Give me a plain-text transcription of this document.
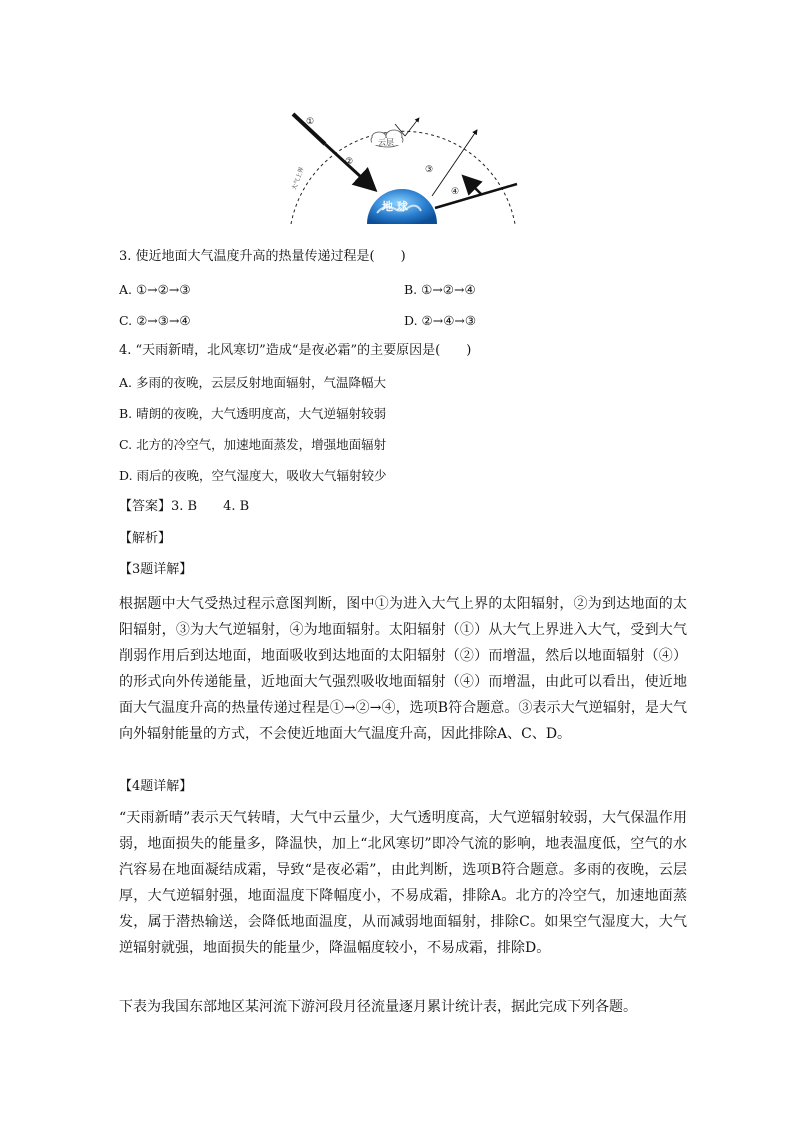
大气上界
地 球
云层
①
②
③
④
3. 使近地面大气温度升高的热量传递过程是(　　)
A. ①→②→③	B. ①→②→④
C. ②→③→④	D. ②→④→③
4. “天雨新晴，北风寒切”造成“是夜必霜”的主要原因是(　　)
A. 多雨的夜晚，云层反射地面辐射，气温降幅大
B. 晴朗的夜晚，大气透明度高，大气逆辐射较弱
C. 北方的冷空气，加速地面蒸发，增强地面辐射
D. 雨后的夜晚，空气湿度大，吸收大气辐射较少
【答案】3. B　　4. B
【解析】
【3题详解】
根据题中大气受热过程示意图判断，图中①为进入大气上界的太阳辐射，②为到达地面的太阳辐射，③为大气逆辐射，④为地面辐射。太阳辐射（①）从大气上界进入大气，受到大气削弱作用后到达地面，地面吸收到达地面的太阳辐射（②）而增温，然后以地面辐射（④）的形式向外传递能量，近地面大气强烈吸收地面辐射（④）而增温，由此可以看出，使近地面大气温度升高的热量传递过程是①→②→④，选项B符合题意。③表示大气逆辐射，是大气向外辐射能量的方式，不会使近地面大气温度升高，因此排除A、C、D。
【4题详解】
“天雨新晴”表示天气转晴，大气中云量少，大气透明度高，大气逆辐射较弱，大气保温作用弱，地面损失的能量多，降温快，加上“北风寒切”即冷气流的影响，地表温度低，空气的水汽容易在地面凝结成霜，导致“是夜必霜”，由此判断，选项B符合题意。多雨的夜晚，云层厚，大气逆辐射强，地面温度下降幅度小，不易成霜，排除A。北方的冷空气，加速地面蒸发，属于潜热输送，会降低地面温度，从而减弱地面辐射，排除C。如果空气湿度大，大气逆辐射就强，地面损失的能量少，降温幅度较小，不易成霜，排除D。
下表为我国东部地区某河流下游河段月径流量逐月累计统计表，据此完成下列各题。
